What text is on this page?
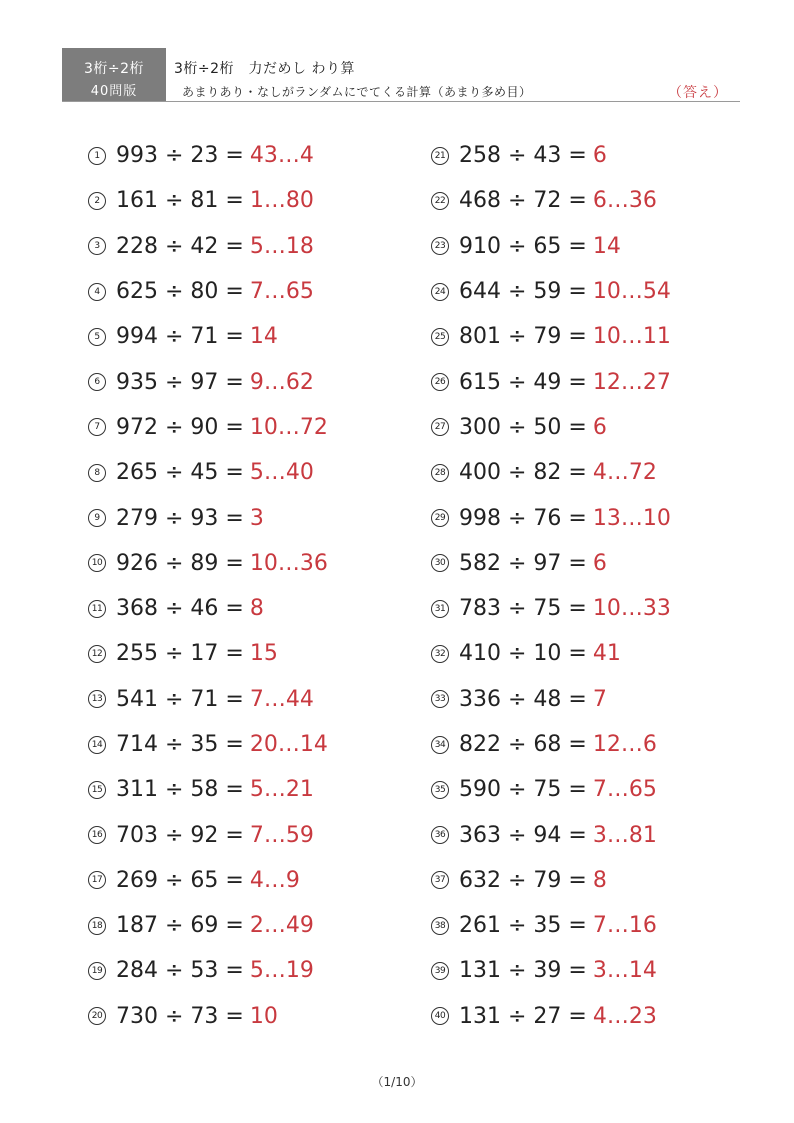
3桁÷2桁
40問版
3桁÷2桁　力だめし わり算
あまりあり・なしがランダムにでてくる計算（あまり多め目）	（答え）
1 993 ÷ 23 = 43…4
2 161 ÷ 81 = 1…80
3 228 ÷ 42 = 5…18
4 625 ÷ 80 = 7…65
5 994 ÷ 71 = 14
6 935 ÷ 97 = 9…62
7 972 ÷ 90 = 10…72
8 265 ÷ 45 = 5…40
9 279 ÷ 93 = 3
10 926 ÷ 89 = 10…36
11 368 ÷ 46 = 8
12 255 ÷ 17 = 15
13 541 ÷ 71 = 7…44
14 714 ÷ 35 = 20…14
15 311 ÷ 58 = 5…21
16 703 ÷ 92 = 7…59
17 269 ÷ 65 = 4…9
18 187 ÷ 69 = 2…49
19 284 ÷ 53 = 5…19
20 730 ÷ 73 = 10
21 258 ÷ 43 = 6
22 468 ÷ 72 = 6…36
23 910 ÷ 65 = 14
24 644 ÷ 59 = 10…54
25 801 ÷ 79 = 10…11
26 615 ÷ 49 = 12…27
27 300 ÷ 50 = 6
28 400 ÷ 82 = 4…72
29 998 ÷ 76 = 13…10
30 582 ÷ 97 = 6
31 783 ÷ 75 = 10…33
32 410 ÷ 10 = 41
33 336 ÷ 48 = 7
34 822 ÷ 68 = 12…6
35 590 ÷ 75 = 7…65
36 363 ÷ 94 = 3…81
37 632 ÷ 79 = 8
38 261 ÷ 35 = 7…16
39 131 ÷ 39 = 3…14
40 131 ÷ 27 = 4…23
（1/10）
